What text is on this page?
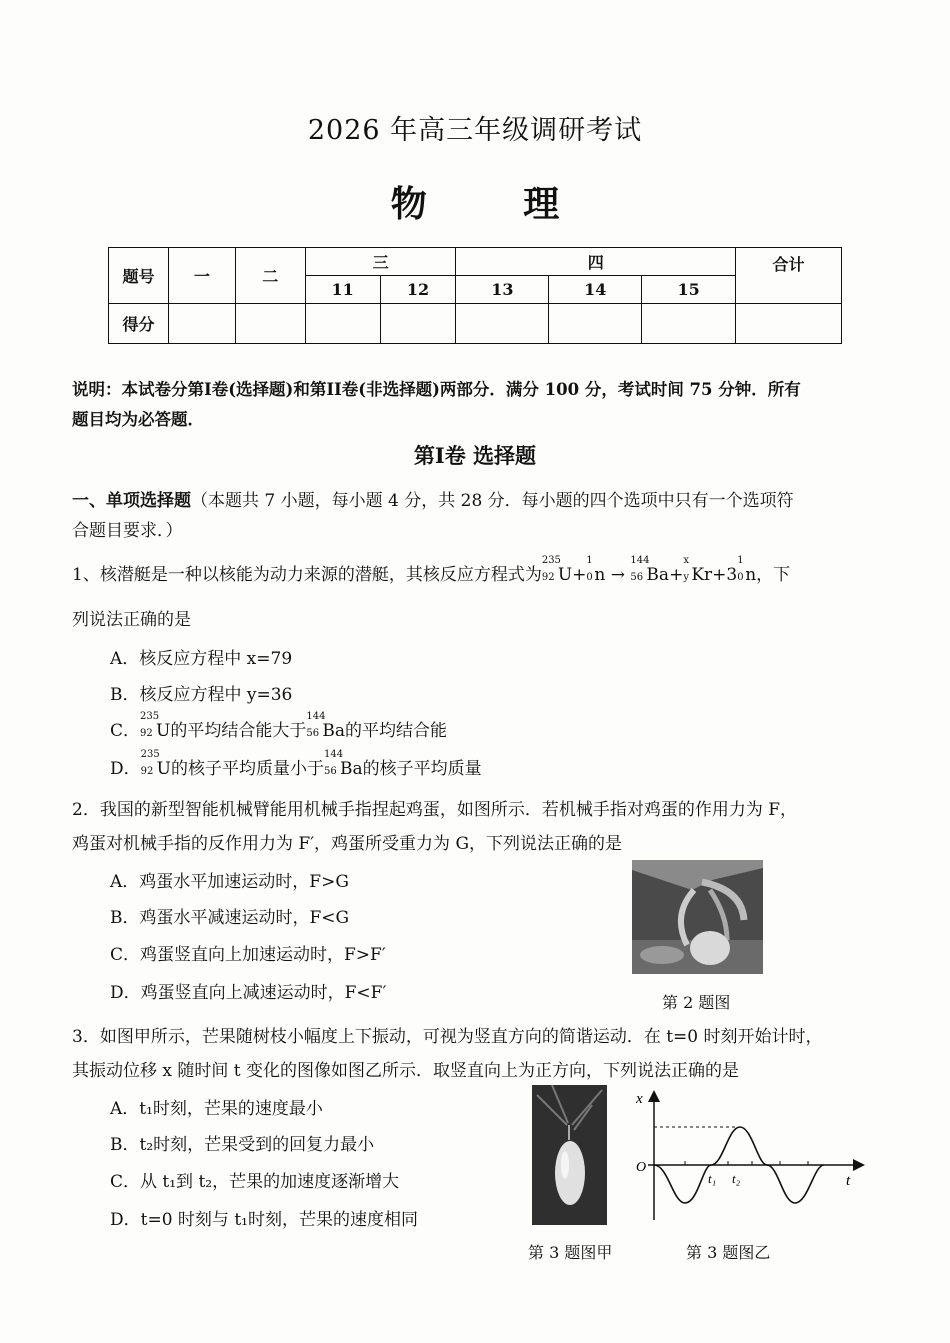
2026 年高三年级调研考试
物 理
题号	一	二	三		四			合计
			11	12	13	14	15	
得分								
说明：本试卷分第I卷(选择题)和第II卷(非选择题)两部分．满分 100 分，考试时间 75 分钟．所有
题目均为必答题．
第I卷 选择题
一、单项选择题（本题共 7 小题，每小题 4 分，共 28 分．每小题的四个选项中只有一个选项符
合题目要求．）
1、核潜艇是一种以核能为动力来源的潜艇，其核反应方程式为
235
92 U+
1
0 n →
144
56 Ba+
x
y Kr+3
1
0 n，下
列说法正确的是
A．核反应方程中 x=79
B．核反应方程中 y=36
C．
235
92 U的平均结合能大于
144
56 Ba的平均结合能
D．
235
92 U的核子平均质量小于
144
56 Ba的核子平均质量
2．我国的新型智能机械臂能用机械手指捏起鸡蛋，如图所示．若机械手指对鸡蛋的作用力为 F，
鸡蛋对机械手指的反作用力为 F′，鸡蛋所受重力为 G，下列说法正确的是
A．鸡蛋水平加速运动时，F>G
B．鸡蛋水平减速运动时，F<G
C．鸡蛋竖直向上加速运动时，F>F′
D．鸡蛋竖直向上减速运动时，F<F′	第 2 题图
3．如图甲所示，芒果随树枝小幅度上下振动，可视为竖直方向的简谐运动．在 t=0 时刻开始计时，
其振动位移 x 随时间 t 变化的图像如图乙所示．取竖直向上为正方向，下列说法正确的是
A．t₁时刻，芒果的速度最小
B．t₂时刻，芒果受到的回复力最小
C．从 t₁到 t₂，芒果的加速度逐渐增大
D．t=0 时刻与 t₁时刻，芒果的速度相同
x
O
t
t₁ t₂
第 3 题图甲	第 3 题图乙
